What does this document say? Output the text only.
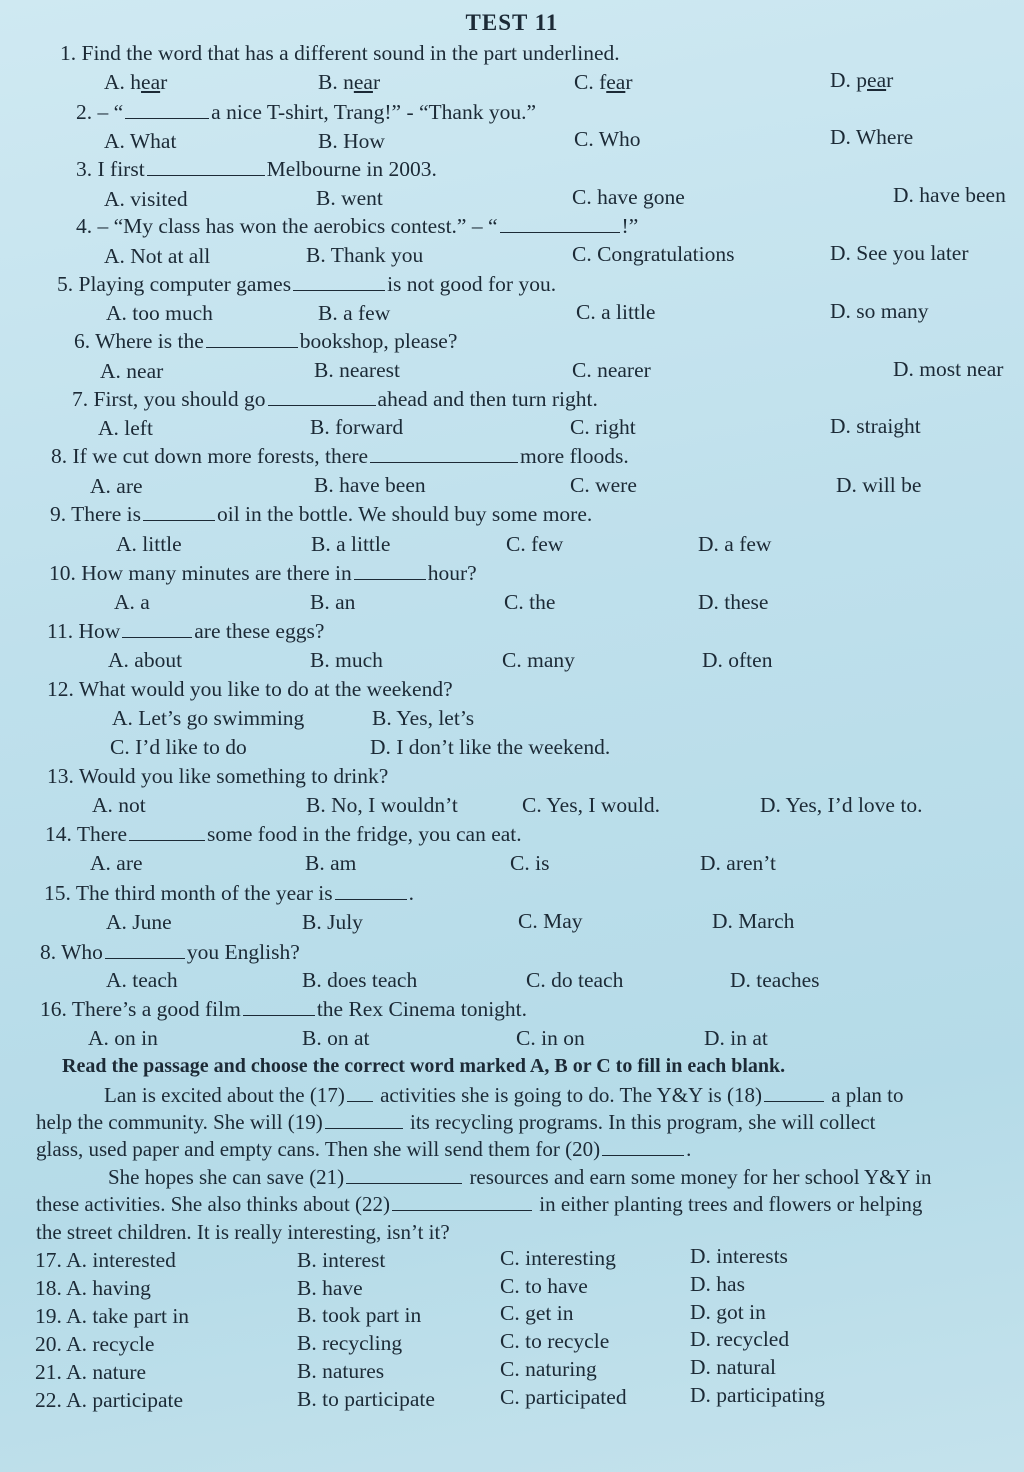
TEST 11
1. Find the word that has a different sound in the part underlined.
A. hear	B. near	C. fear	D. pear
2. – “	a nice T-shirt, Trang!” - “Thank you.”
A. What	B. How	C. Who	D. Where
3. I first	Melbourne in 2003.
A. visited	B. went	C. have gone	D. have been
4. – “My class has won the aerobics contest.” – “	!”
A. Not at all	B. Thank you	C. Congratulations	D. See you later
5. Playing computer games	is not good for you.
A. too much	B. a few	C. a little	D. so many
6. Where is the	bookshop, please?
A. near	B. nearest	C. nearer	D. most near
7. First, you should go	ahead and then turn right.
A. left	B. forward	C. right	D. straight
8. If we cut down more forests, there	more floods.
A. are	B. have been	C. were	D. will be
9. There is	oil in the bottle. We should buy some more.
A. little	B. a little	C. few	D. a few
10. How many minutes are there in	hour?
A. a	B. an	C. the	D. these
11. How	are these eggs?
A. about	B. much	C. many	D. often
12. What would you like to do at the weekend?
A. Let’s go swimming	B. Yes, let’s
C. I’d like to do	D. I don’t like the weekend.
13. Would you like something to drink?
A. not	B. No, I wouldn’t	C. Yes, I would.	D. Yes, I’d love to.
14. There	some food in the fridge, you can eat.
A. are	B. am	C. is	D. aren’t
15. The third month of the year is	.
A. June	B. July	C. May	D. March
8. Who	you English?
A. teach	B. does teach	C. do teach	D. teaches
16. There’s a good film	the Rex Cinema tonight.
A. on in	B. on at	C. in on	D. in at
Read the passage and choose the correct word marked A, B or C to fill in each blank.
Lan is excited about the (17) activities she is going to do. The Y&Y is (18)	a plan to
help the community. She will (19)	its recycling programs. In this program, she will collect
glass, used paper and empty cans. Then she will send them for (20)	.
She hopes she can save (21)	resources and earn some money for her school Y&Y in
these activities. She also thinks about (22)	in either planting trees and flowers or helping
the street children. It is really interesting, isn’t it?
17. A. interested	B. interest	C. interesting	D. interests
18. A. having	B. have	C. to have	D. has
19. A. take part in	B. took part in	C. get in	D. got in
20. A. recycle	B. recycling	C. to recycle	D. recycled
21. A. nature	B. natures	C. naturing	D. natural
22. A. participate	B. to participate	C. participated	D. participating
